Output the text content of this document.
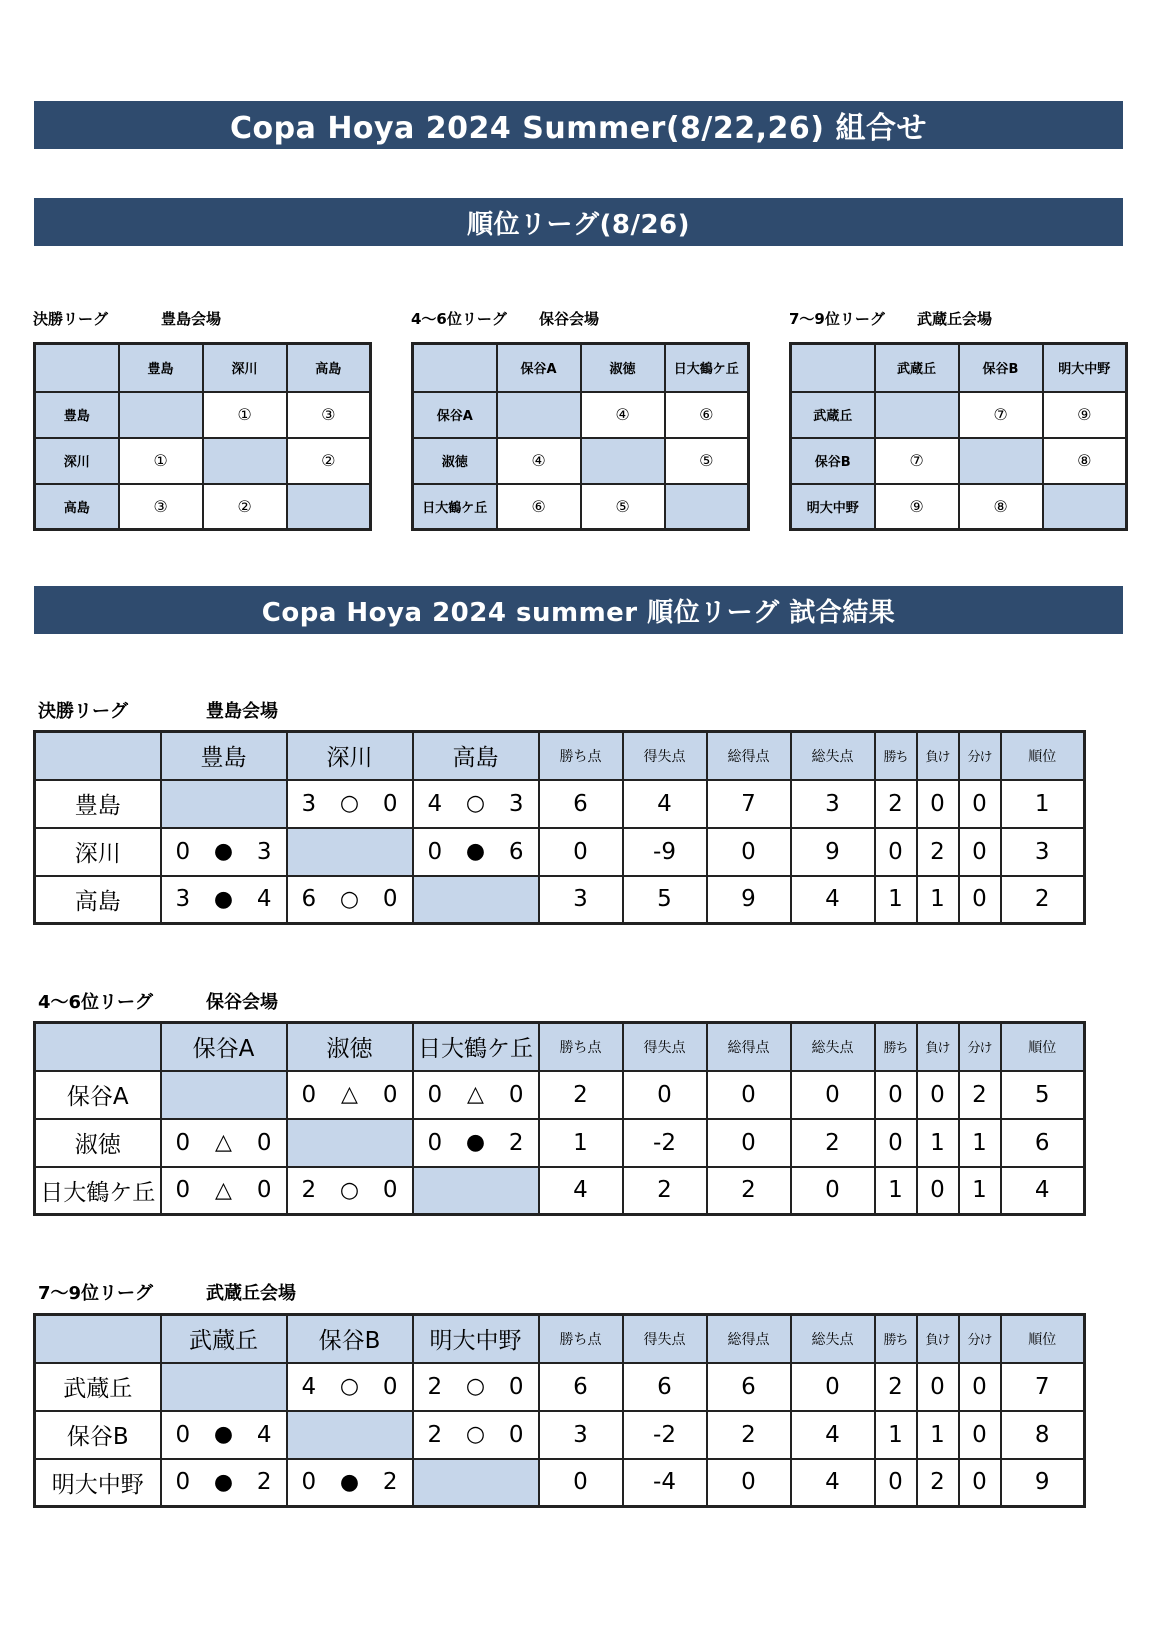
Copa Hoya 2024 Summer(8/22,26) 組合せ
順位リーグ(8/26)
Copa Hoya 2024 summer 順位リーグ 試合結果
決勝リーグ	豊島会場
	豊島	深川	高島
豊島		①	③
深川	①		②
高島	③	②	
4～6位リーグ 保谷会場
	保谷A	淑徳	日大鶴ケ丘
保谷A		④	⑥
淑徳	④		⑤
日大鶴ケ丘	⑥	⑤	
7～9位リーグ 武蔵丘会場
	武蔵丘	保谷B	明大中野
武蔵丘		⑦	⑨
保谷B	⑦		⑧
明大中野	⑨	⑧	
決勝リーグ	豊島会場
	豊島	深川	高島	勝ち点	得失点	総得点	総失点	勝ち	負け	分け	順位
豊島		3 ○ 0	4 ○ 3	6	4	7	3	2	0	0	1
深川	0 ● 3		0 ● 6	0	-9	0	9	0	2	0	3
高島	3 ● 4	6 ○ 0		3	5	9	4	1	1	0	2
4～6位リーグ	保谷会場
	保谷A	淑徳	日大鶴ケ丘	勝ち点	得失点	総得点	総失点	勝ち	負け	分け	順位
保谷A		0 △ 0	0 △ 0	2	0	0	0	0	0	2	5
淑徳	0 △ 0		0 ● 2	1	-2	0	2	0	1	1	6
日大鶴ケ丘	0 △ 0	2 ○ 0		4	2	2	0	1	0	1	4
7～9位リーグ	武蔵丘会場
	武蔵丘	保谷B	明大中野	勝ち点	得失点	総得点	総失点	勝ち	負け	分け	順位
武蔵丘		4 ○ 0	2 ○ 0	6	6	6	0	2	0	0	7
保谷B	0 ● 4		2 ○ 0	3	-2	2	4	1	1	0	8
明大中野	0 ● 2	0 ● 2		0	-4	0	4	0	2	0	9
